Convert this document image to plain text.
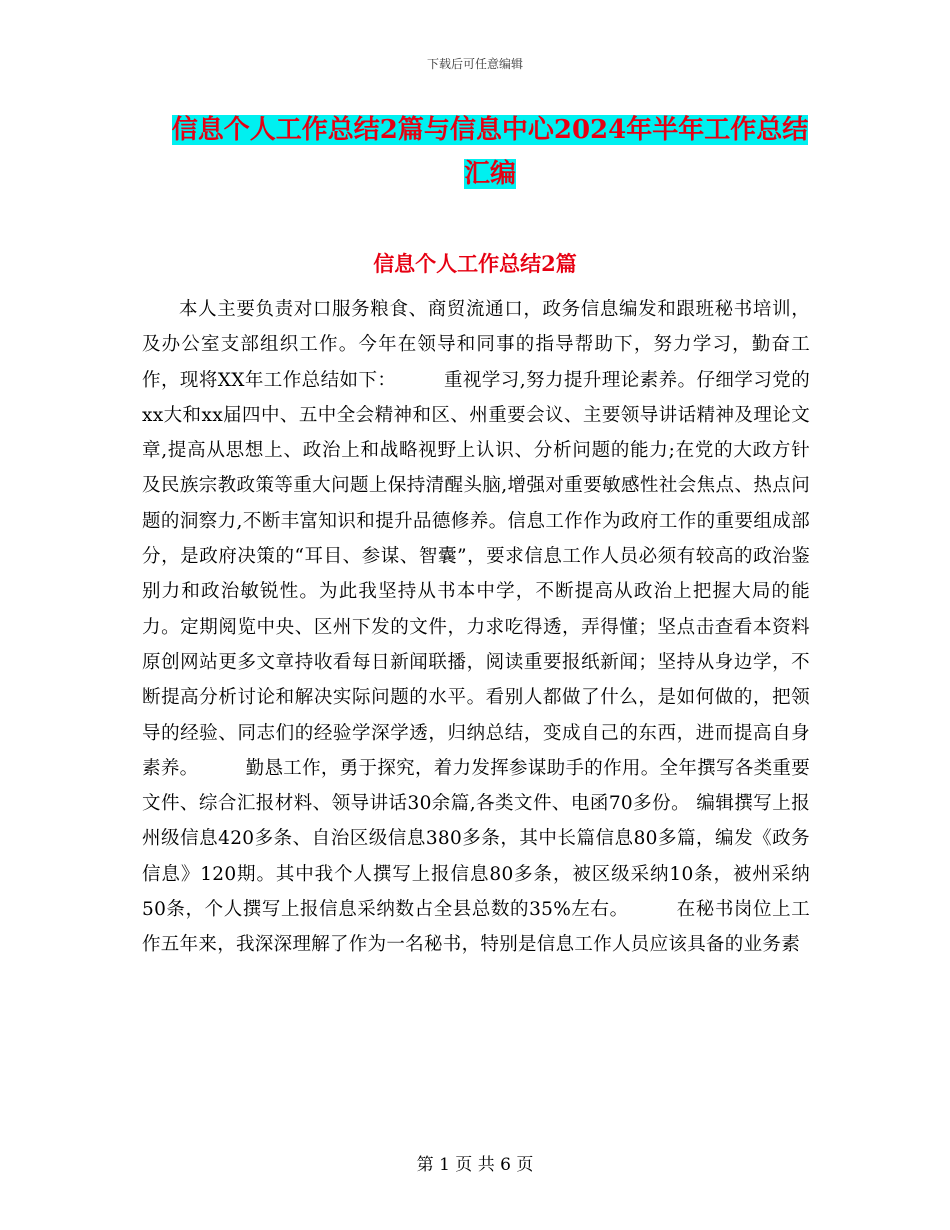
下载后可任意编辑
信息个人工作总结2篇与信息中心2024年半年工作总结汇编
信息个人工作总结2篇

本人主要负责对口服务粮食、商贸流通口，政务信息编发和跟班秘书培训，及办公室支部组织工作。今年在领导和同事的指导帮助下，努力学习，勤奋工作，现将XX年工作总结如下：　　　重视学习,努力提升理论素养。仔细学习党的xx大和xx届四中、五中全会精神和区、州重要会议、主要领导讲话精神及理论文章,提高从思想上、政治上和战略视野上认识、分析问题的能力;在党的大政方针及民族宗教政策等重大问题上保持清醒头脑,增强对重要敏感性社会焦点、热点问题的洞察力,不断丰富知识和提升品德修养。信息工作作为政府工作的重要组成部分，是政府决策的“耳目、参谋、智囊”，要求信息工作人员必须有较高的政治鉴别力和政治敏锐性。为此我坚持从书本中学，不断提高从政治上把握大局的能力。定期阅览中央、区州下发的文件，力求吃得透，弄得懂；坚点击查看本资料原创网站更多文章持收看每日新闻联播，阅读重要报纸新闻；坚持从身边学，不断提高分析讨论和解决实际问题的水平。看别人都做了什么，是如何做的，把领导的经验、同志们的经验学深学透，归纳总结，变成自己的东西，进而提高自身素养。　　　勤恳工作，勇于探究，着力发挥参谋助手的作用。全年撰写各类重要文件、综合汇报材料、领导讲话30余篇,各类文件、电函70多份。 编辑撰写上报州级信息420多条、自治区级信息380多条，其中长篇信息80多篇，编发《政务信息》120期。其中我个人撰写上报信息80多条，被区级采纳10条，被州采纳50条，个人撰写上报信息采纳数占全县总数的35%左右。　　　在秘书岗位上工作五年来，我深深理解了作为一名秘书，特别是信息工作人员应该具备的业务素

第 1 页 共 6 页
